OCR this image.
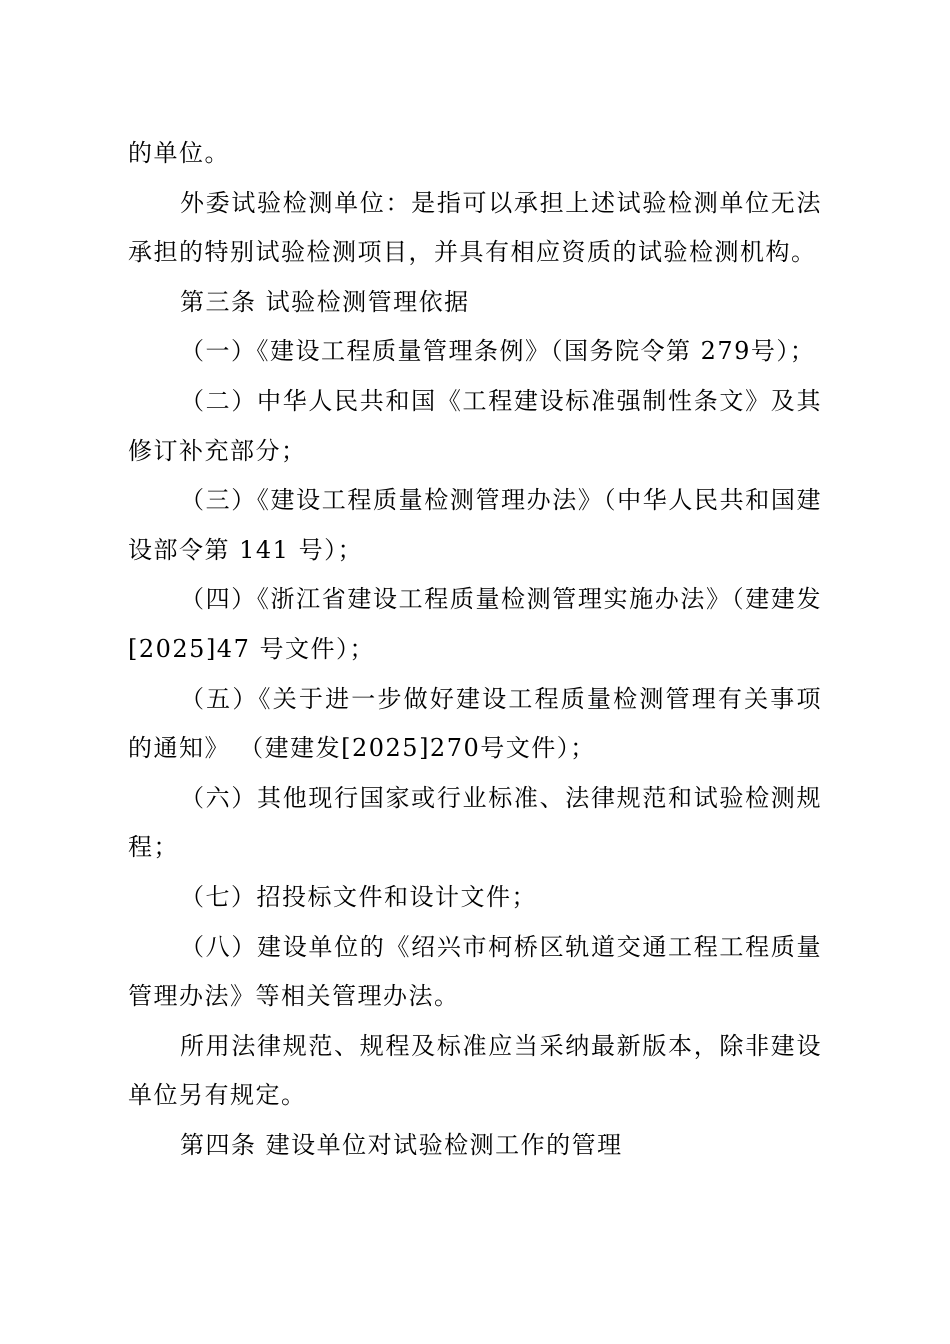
的单位。

外委试验检测单位：是指可以承担上述试验检测单位无法承担的特别试验检测项目，并具有相应资质的试验检测机构。

第三条 试验检测管理依据

（一）《建设工程质量管理条例》（国务院令第 279号）；

（二）中华人民共和国《工程建设标准强制性条文》及其修订补充部分；

（三）《建设工程质量检测管理办法》（中华人民共和国建设部令第 141 号）；

（四）《浙江省建设工程质量检测管理实施办法》（建建发[2025]47 号文件）；

（五）《关于进一步做好建设工程质量检测管理有关事项的通知》 （建建发[2025]270号文件）；

（六）其他现行国家或行业标准、法律规范和试验检测规程；

（七）招投标文件和设计文件；

（八）建设单位的《绍兴市柯桥区轨道交通工程工程质量管理办法》等相关管理办法。

所用法律规范、规程及标准应当采纳最新版本，除非建设单位另有规定。

第四条 建设单位对试验检测工作的管理
